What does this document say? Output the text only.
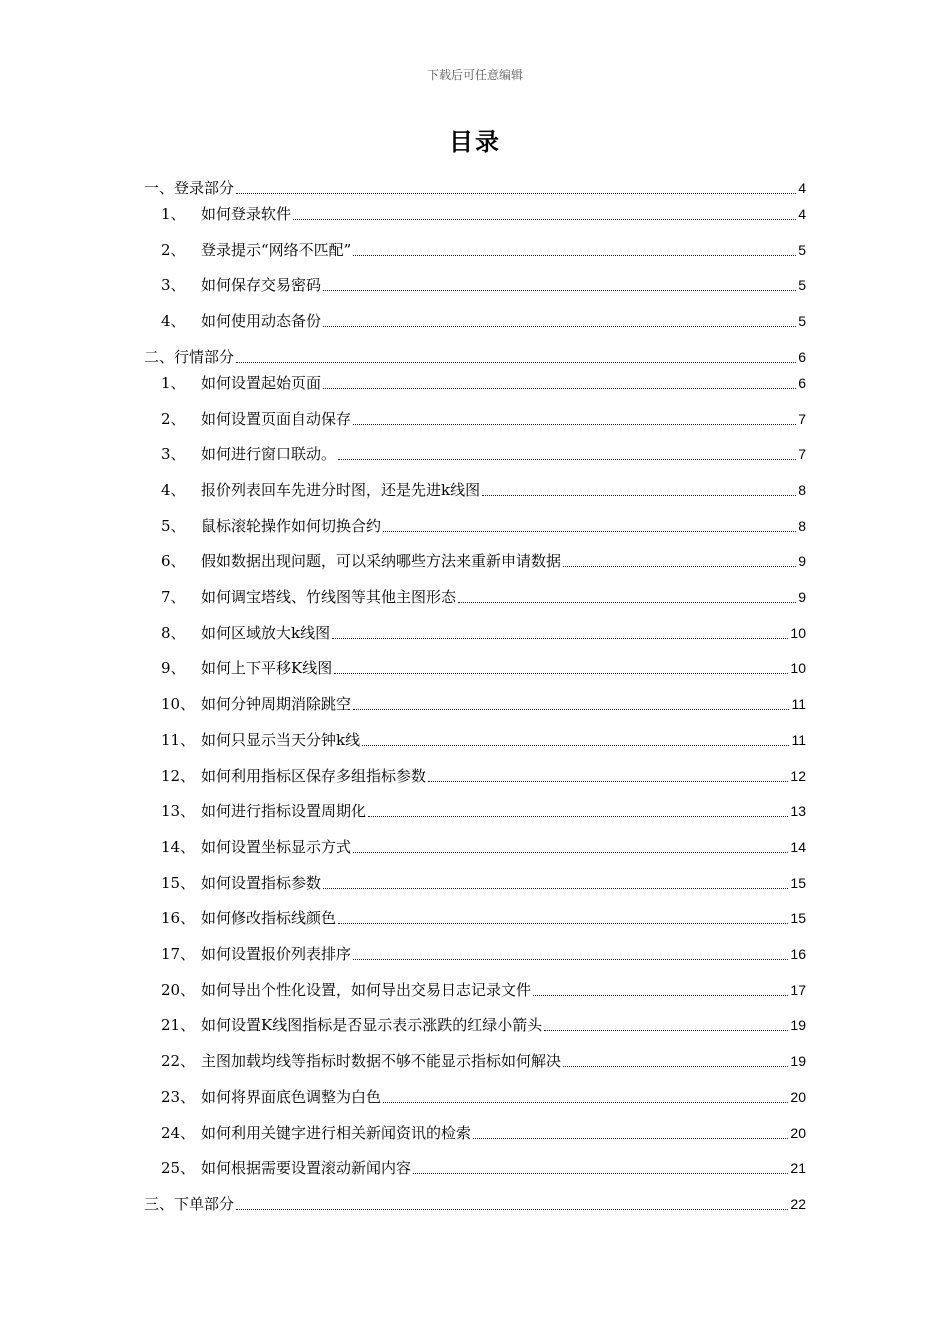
下载后可任意编辑
目录
一、 登录部分	4
1、	如何登录软件	4
2、	登录提示“网络不匹配”	5
3、	如何保存交易密码	5
4、	如何使用动态备份	5
二、 行情部分	6
1、	如何设置起始页面	6
2、	如何设置页面自动保存	7
3、	如何进行窗口联动。	7
4、	报价列表回车先进分时图，还是先进k线图	8
5、	鼠标滚轮操作如何切换合约	8
6、	假如数据出现问题，可以采纳哪些方法来重新申请数据	9
7、	如何调宝塔线、竹线图等其他主图形态	9
8、	如何区域放大k线图	10
9、	如何上下平移K线图	10
10、 如何分钟周期消除跳空	11
11、 如何只显示当天分钟k线	11
12、 如何利用指标区保存多组指标参数	12
13、 如何进行指标设置周期化	13
14、 如何设置坐标显示方式	14
15、 如何设置指标参数	15
16、 如何修改指标线颜色	15
17、 如何设置报价列表排序	16
20、 如何导出个性化设置，如何导出交易日志记录文件	17
21、 如何设置K线图指标是否显示表示涨跌的红绿小箭头	19
22、 主图加载均线等指标时数据不够不能显示指标如何解决	19
23、 如何将界面底色调整为白色	20
24、 如何利用关键字进行相关新闻资讯的检索	20
25、 如何根据需要设置滚动新闻内容	21
三、 下单部分	22
